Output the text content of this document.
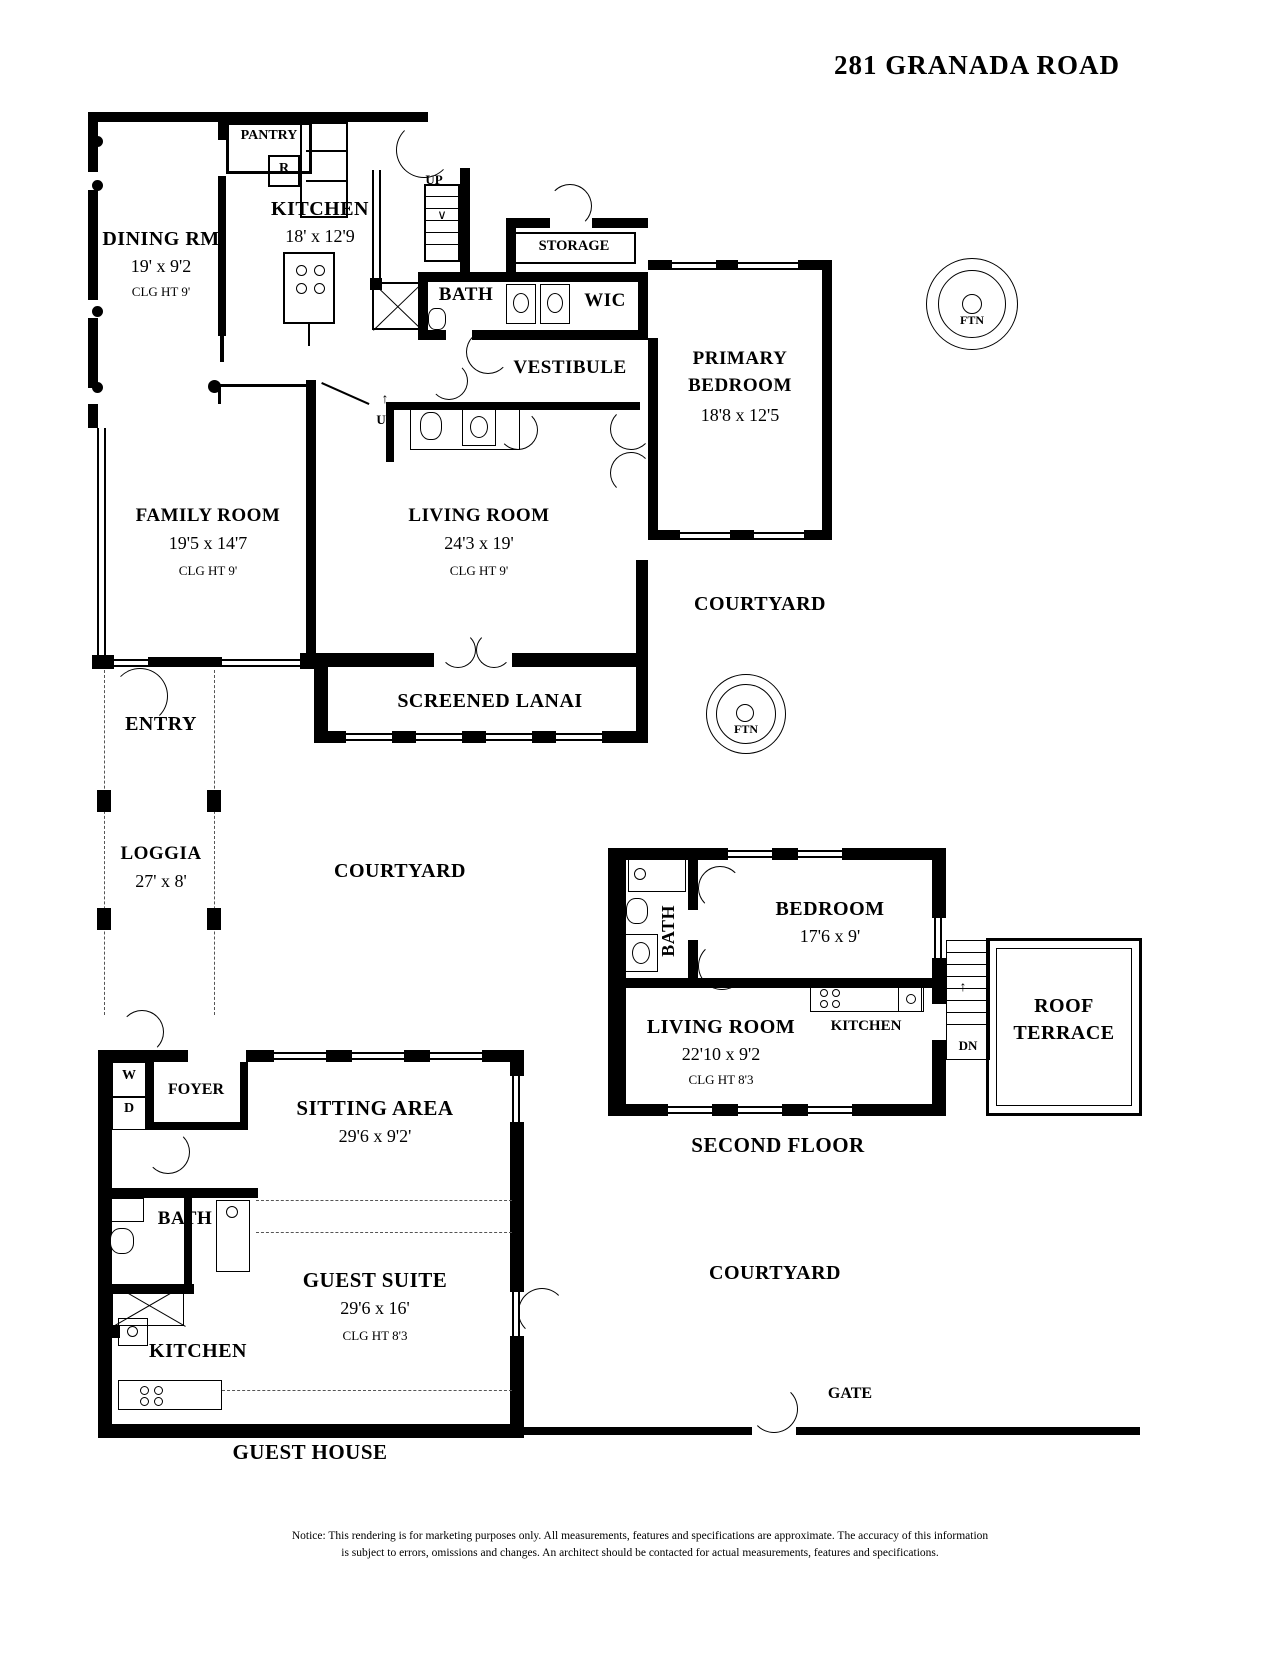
281 GRANADA ROAD
PANTRY
R
UP
∨
STORAGE
BATH	WIC
VESTIBULE	PRIMARY
BEDROOM
18'8 x 12'5
UP
↑
FAMILY ROOM
19'5 x 14'7
CLG HT 9'
LIVING ROOM
24'3 x 19'
CLG HT 9'
DINING RM
19' x 9'2
CLG HT 9'
KITCHEN
18' x 12'9
SCREENED LANAI
COURTYARD
COURTYARD
FTN
FTN
ENTRY
LOGGIA
27' x 8'
BATH	BEDROOM
17'6 x 9'
LIVING ROOM
22'10 x 9'2
CLG HT 8'3
KITCHEN
DN
↑
ROOF
TERRACE
SECOND FLOOR
W
D
FOYER
SITTING AREA
29'6 x 9'2'
BATH
KITCHEN
GUEST SUITE
29'6 x 16'
CLG HT 8'3
GUEST HOUSE
COURTYARD
GATE
Notice: This rendering is for marketing purposes only. All measurements, features and specifications are approximate. The accuracy of this information
is subject to errors, omissions and changes. An architect should be contacted for actual measurements, features and specifications.
